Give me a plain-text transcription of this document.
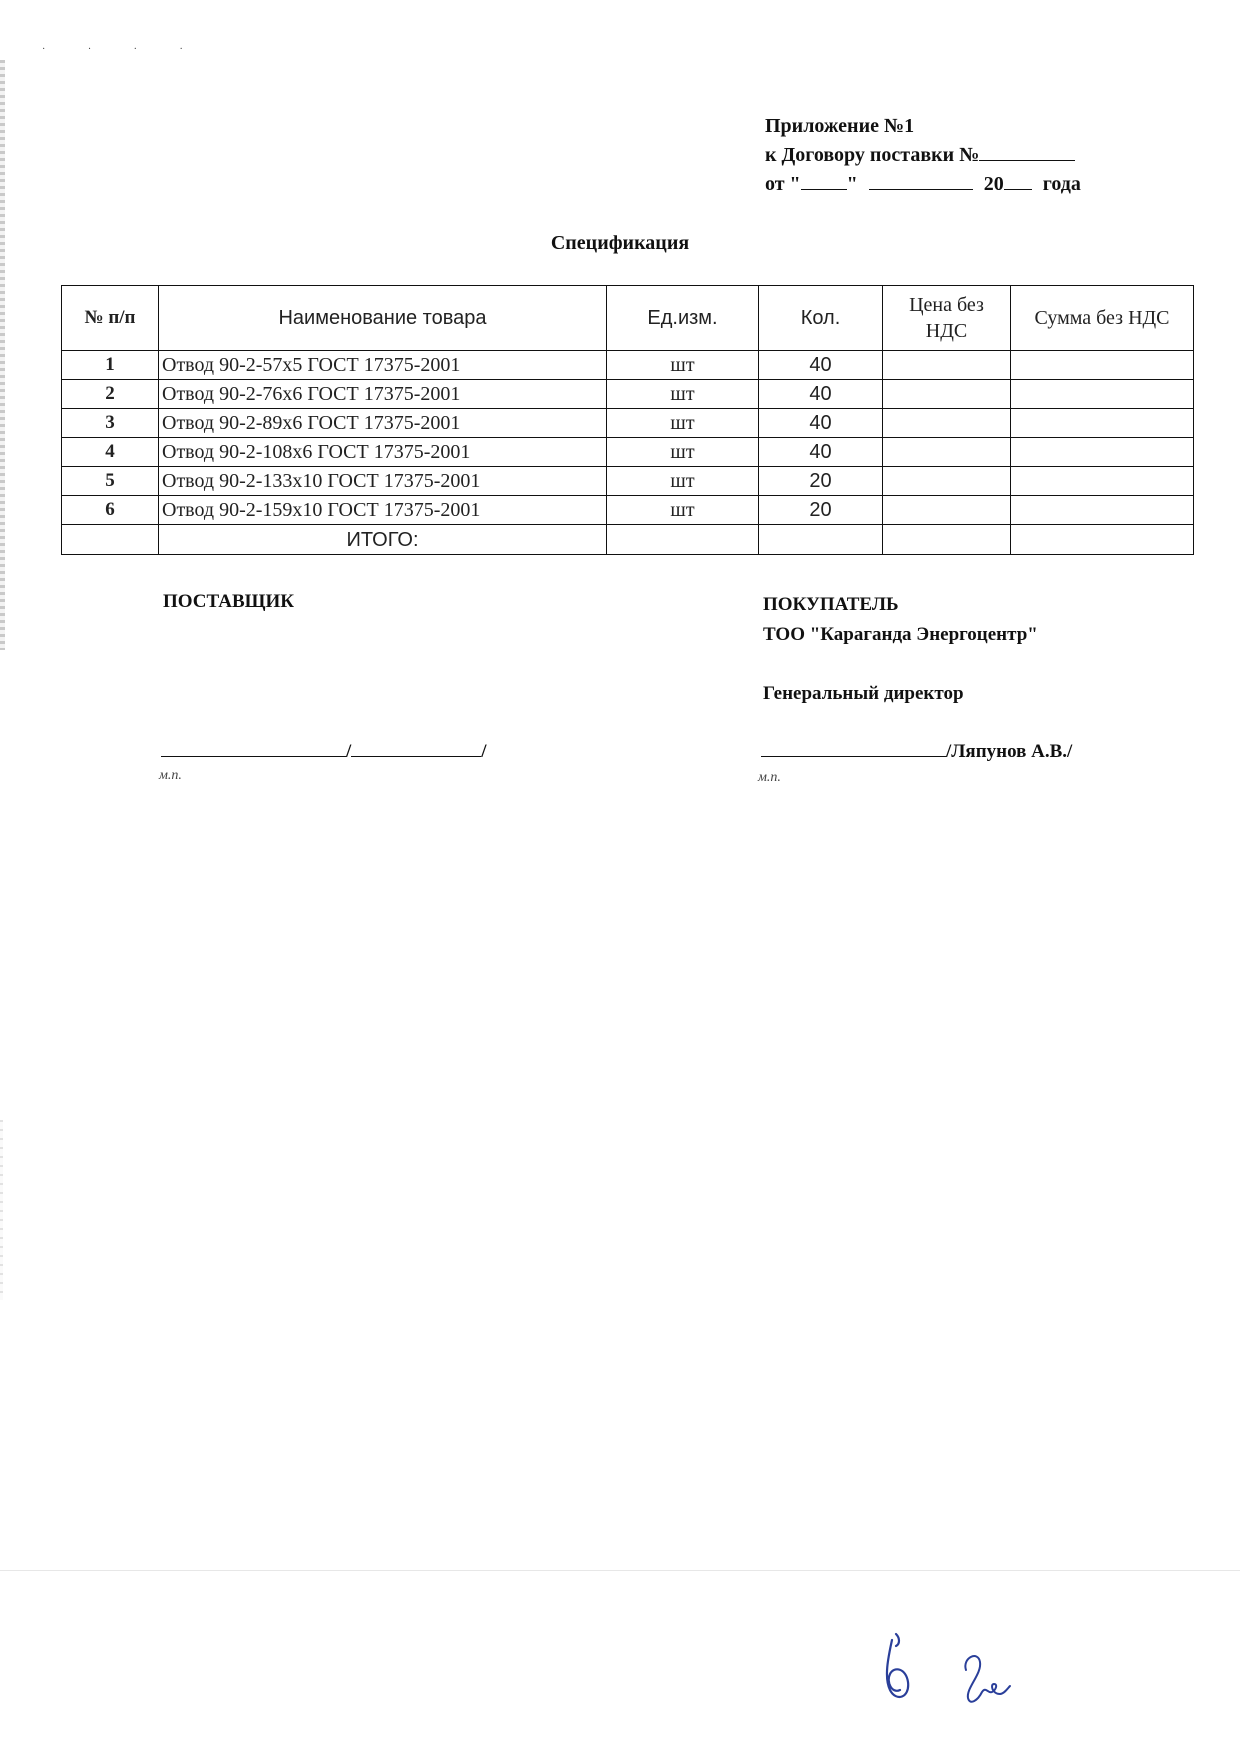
· · · ·
Приложение №1
к Договору поставки №
от " "	20 года
Спецификация
№ п/п	Наименование товара	Ед.изм.	Кол.	Цена без НДС	Сумма без НДС
1	Отвод 90-2-57х5 ГОСТ 17375-2001	шт	40		
2	Отвод 90-2-76х6 ГОСТ 17375-2001	шт	40		
3	Отвод 90-2-89х6 ГОСТ 17375-2001	шт	40		
4	Отвод 90-2-108х6 ГОСТ 17375-2001	шт	40		
5	Отвод 90-2-133х10 ГОСТ 17375-2001	шт	20		
6	Отвод 90-2-159х10 ГОСТ 17375-2001	шт	20		
	ИТОГО:				
ПОСТАВЩИК	ПОКУПАТЕЛЬ
ТОО "Караганда Энергоцентр"
Генеральный директор
/	/
м.п.
/Ляпунов А.В./
м.п.
